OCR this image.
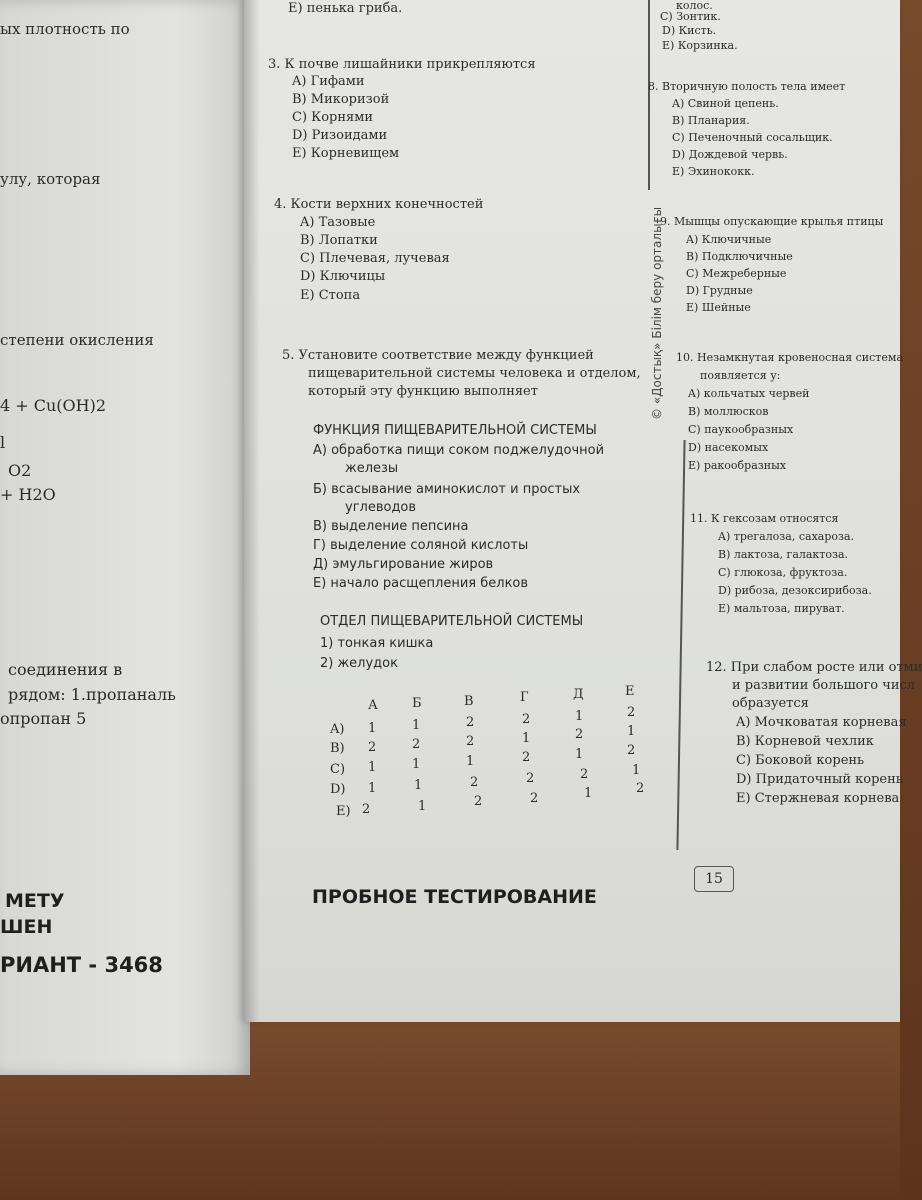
ых плотность по
улу, которая
степени окисления
4 + Cu(OH)2
l
O2
+ H2O
соединения в
рядом: 1.пропаналь
опропан 5
МЕТУ
ШЕН
РИАНТ - 3468
E) пенька гриба.
3. К почве лишайники прикрепляются
A) Гифами
B) Микоризой
C) Корнями
D) Ризоидами
E) Корневищем
4. Кости верхних конечностей
A) Тазовые
B) Лопатки
C) Плечевая, лучевая
D) Ключицы
E) Стопа
5. Установите соответствие между функцией
пищеварительной системы человека и отделом,
который эту функцию выполняет
ФУНКЦИЯ ПИЩЕВАРИТЕЛЬНОЙ СИСТЕМЫ
А) обработка пищи соком поджелудочной
железы
Б) всасывание аминокислот и простых
углеводов
В) выделение пепсина
Г) выделение соляной кислоты
Д) эмульгирование жиров
Е) начало расщепления белков
ОТДЕЛ ПИЩЕВАРИТЕЛЬНОЙ СИСТЕМЫ
1) тонкая кишка
2) желудок
А	Б	В	Г	Д	Е
A) 1	1	2	2	1	2
B) 2	2	2	1	2	1
C) 1	1	1	2	1	2
D) 1	1	2	2	2	1
E) 2	1	2	2	1	2
© «Достық» Білім беру орталығы
15
ПРОБНОЕ ТЕСТИРОВАНИЕ
колос.
C) Зонтик.
D) Кисть.
E) Корзинка.
8. Вторичную полость тела имеет
A) Свиной цепень.
B) Планария.
C) Печеночный сосальщик.
D) Дождевой червь.
E) Эхинококк.
9. Мышцы опускающие крылья птицы
A) Ключичные
B) Подключичные
C) Межреберные
D) Грудные
E) Шейные
10. Незамкнутая кровеносная система
появляется у:
A) кольчатых червей
B) моллюсков
C) паукообразных
D) насекомых
E) ракообразных
11. К гексозам относятся
A) трегалоза, сахароза.
B) лактоза, галактоза.
C) глюкоза, фруктоза.
D) рибоза, дезоксирибоза.
E) мальтоза, пируват.
12. При слабом росте или отми
и развитии большого числ
образуется
A) Мочковатая корневая
B) Корневой чехлик
C) Боковой корень
D) Придаточный корень
E) Стержневая корнева
